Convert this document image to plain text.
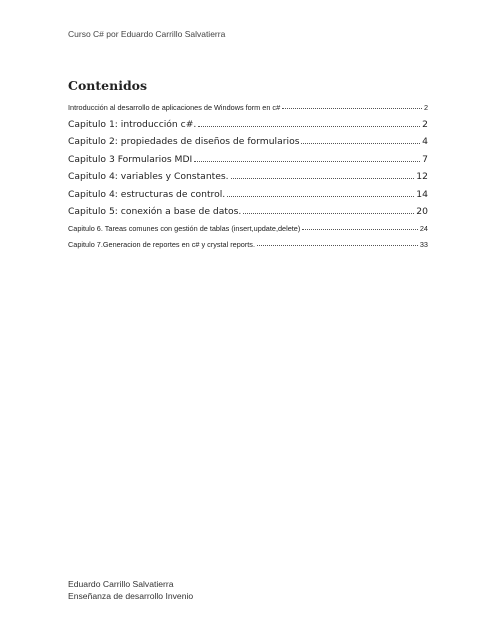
Curso C# por Eduardo Carrillo Salvatierra
Contenidos
Introducción al desarrollo de aplicaciones de Windows form en c#	2
Capitulo 1: introducción c#.	2
Capitulo 2: propiedades de diseños de formularios	4
Capitulo 3 Formularios MDI	7
Capitulo 4: variables y Constantes.	12
Capitulo 4: estructuras de control.	14
Capitulo 5: conexión a base de datos.	20
Capitulo 6. Tareas comunes con gestión de tablas (insert,update,delete)	24
Capitulo 7.Generacion de reportes en c# y crystal reports.	33
Eduardo Carrillo Salvatierra
Enseñanza de desarrollo Invenio
